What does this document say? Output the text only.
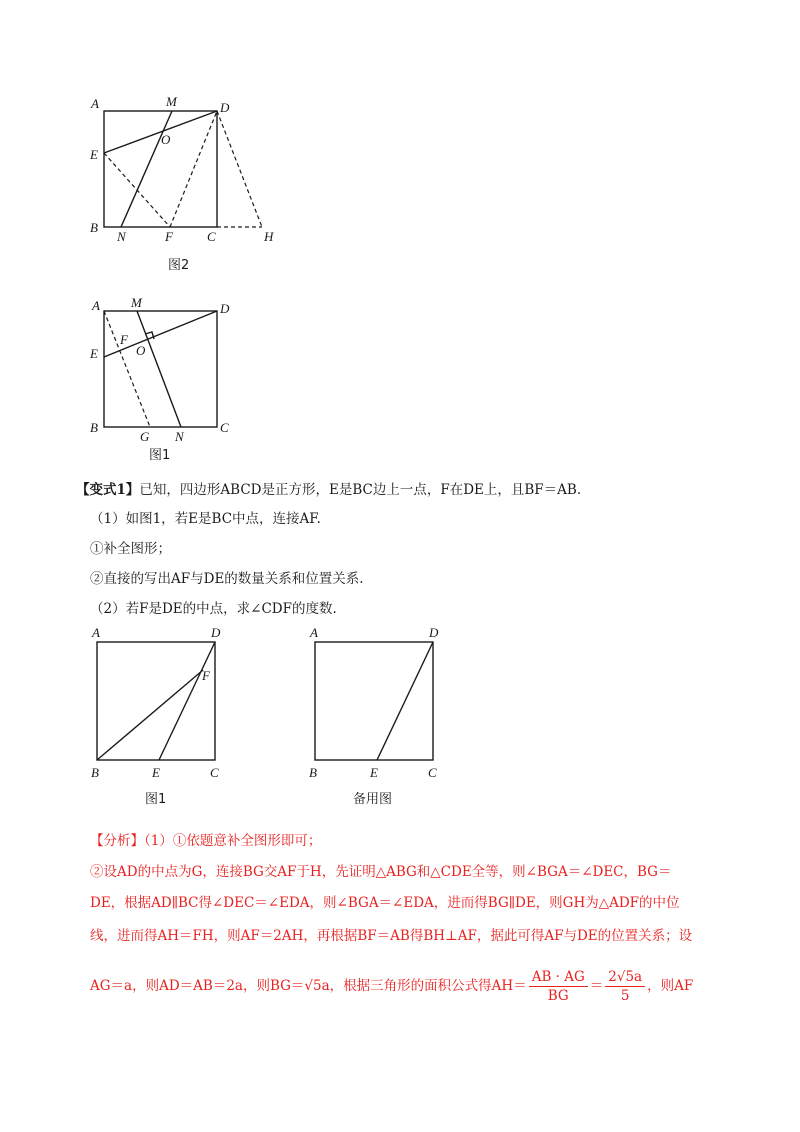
A	M	D
E
O
B
N	F	C	H
图2
A M	D
F
O
E
B
G N
C
图1
A	D
F
B	E	C
图1
A	D
B	E	C
备用图
【变式1】已知，四边形ABCD是正方形，E是BC边上一点，F在DE上，且BF＝AB.
（1）如图1，若E是BC中点，连接AF.
①补全图形；
②直接的写出AF与DE的数量关系和位置关系.
（2）若F是DE的中点，求∠CDF的度数.
【分析】（1）①依题意补全图形即可；
②设AD的中点为G，连接BG交AF于H，先证明△ABG和△CDE全等，则∠BGA＝∠DEC，BG＝
DE，根据AD∥BC得∠DEC＝∠EDA，则∠BGA＝∠EDA，进而得BG∥DE，则GH为△ADF的中位
线，进而得AH＝FH，则AF＝2AH，再根据BF＝AB得BH⊥AF，据此可得AF与DE的位置关系；设
AG＝a，则AD＝AB＝2a，则BG＝√5a，根据三角形的面积公式得$AH= \frac{AB \cdot AG}{BG} = \frac{2√5a}{5}$ ，则AF
